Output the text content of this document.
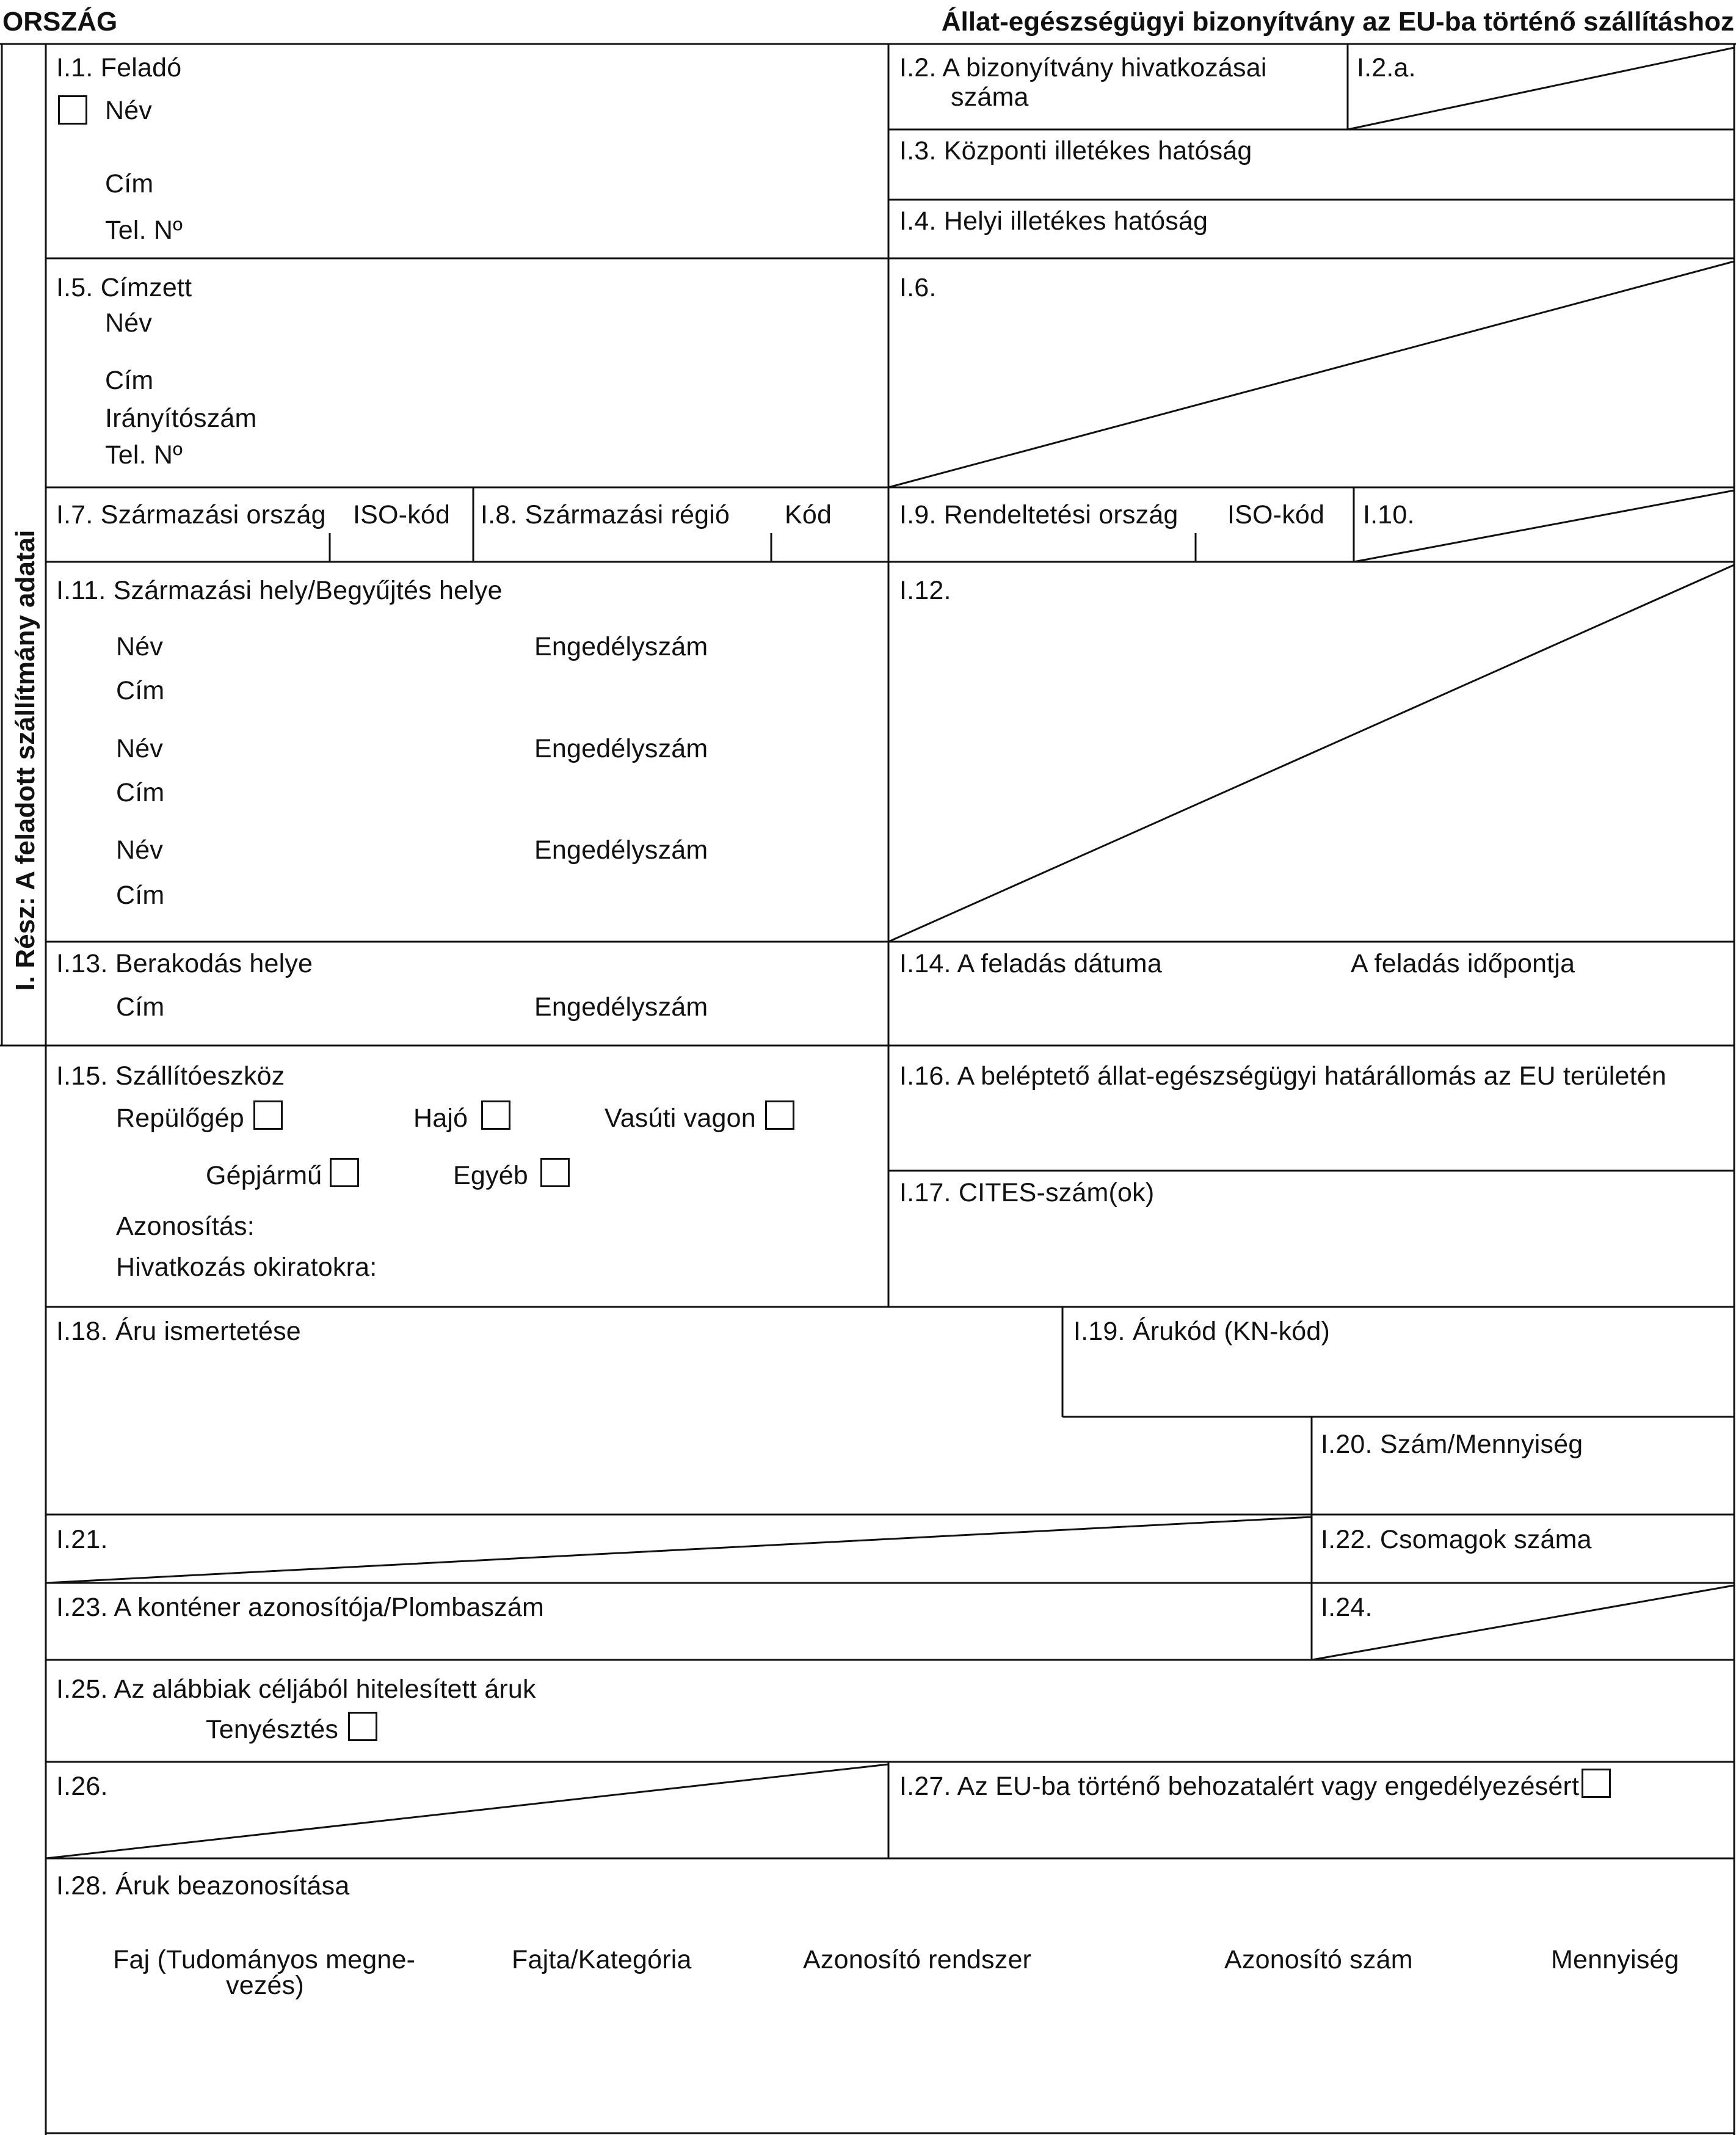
ORSZÁG	Állat-egészségügyi bizonyítvány az EU-ba történő szállításhoz
I. Rész: A feladott szállítmány adatai
I.1. Feladó
Név
Cím
Tel. Nº
I.2. A bizonyítvány hivatkozásai
száma
I.2.a.
I.3. Központi illetékes hatóság
I.4. Helyi illetékes hatóság
I.5. Címzett
Név
Cím
Irányítószám
Tel. Nº
I.6.
I.7. Származási ország ISO-kód I.8. Származási régió Kód	I.9. Rendeltetési ország ISO-kód I.10.
I.11. Származási hely/Begyűjtés helye
Név	Engedélyszám
Cím
Név	Engedélyszám
Cím
Név	Engedélyszám
Cím
I.12.
I.13. Berakodás helye
Cím	Engedélyszám
I.14. A feladás dátuma	A feladás időpontja
I.15. Szállítóeszköz
Repülőgép	Hajó	Vasúti vagon
Gépjármű	Egyéb
Azonosítás:
Hivatkozás okiratokra:
I.16. A beléptető állat-egészségügyi határállomás az EU területén
I.17. CITES-szám(ok)
I.18. Áru ismertetése	I.19. Árukód (KN-kód)
I.20. Szám/Mennyiség
I.21.	I.22. Csomagok száma
I.23. A konténer azonosítója/Plombaszám	I.24.
I.25. Az alábbiak céljából hitelesített áruk
Tenyésztés
I.26.	I.27. Az EU-ba történő behozatalért vagy engedélyezésért
I.28. Áruk beazonosítása
Faj (Tudományos megne-
vezés)
Fajta/Kategória	Azonosító rendszer	Azonosító szám	Mennyiség
